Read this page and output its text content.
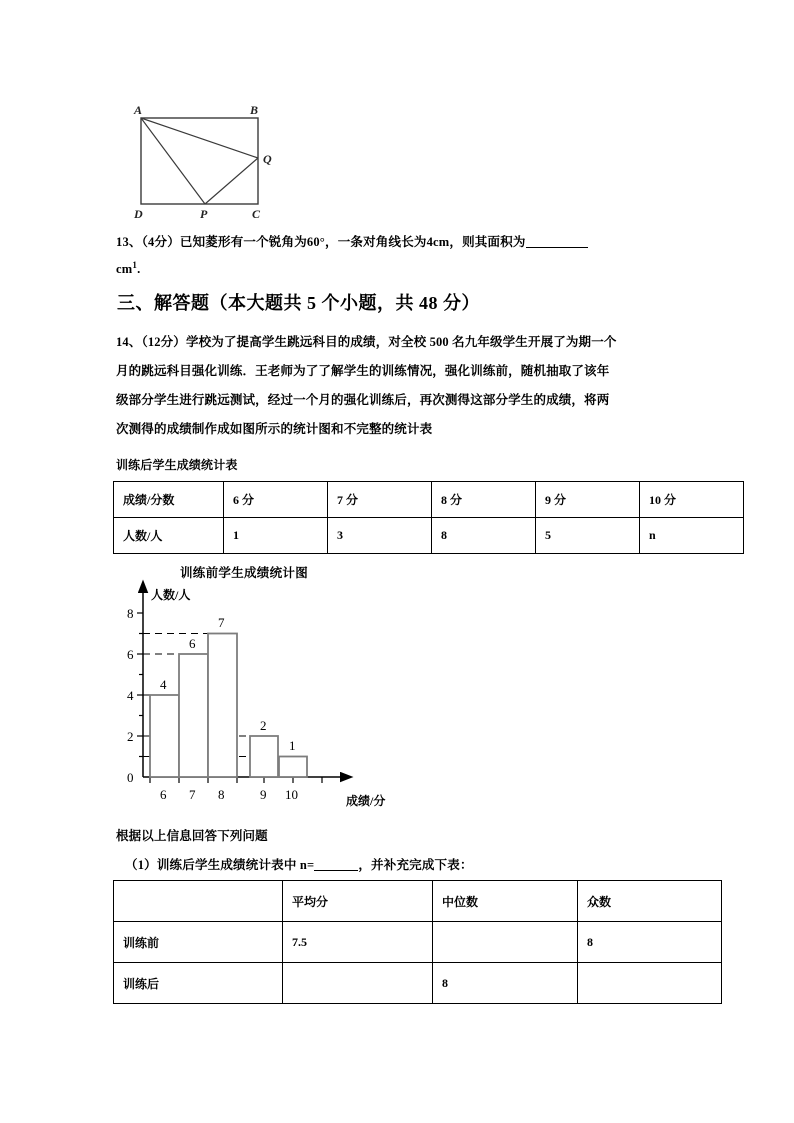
A	B
Q
D	P	C
13、（4分）已知菱形有一个锐角为60°，一条对角线长为4cm，则其面积为
$cm^1$.
三、解答题（本大题共 5 个小题，共 48 分）
14、（12分）学校为了提高学生跳远科目的成绩，对全校 500 名九年级学生开展了为期一个
月的跳远科目强化训练．王老师为了了解学生的训练情况，强化训练前，随机抽取了该年
级部分学生进行跳远测试，经过一个月的强化训练后，再次测得这部分学生的成绩，将两
次测得的成绩制作成如图所示的统计图和不完整的统计表
训练后学生成绩统计表
成绩/分数	6 分	7 分	8 分	9 分	10 分
人数/人	1	3	8	5	n
训练前学生成绩统计图
人数/人
0
2
4
6
8
4
6
7
2
1
6 7 8	9 10	成绩/分
根据以上信息回答下列问题
（1）训练后学生成绩统计表中 n=	，并补充完成下表：
	平均分	中位数	众数
训练前	7.5		8
训练后		8	
